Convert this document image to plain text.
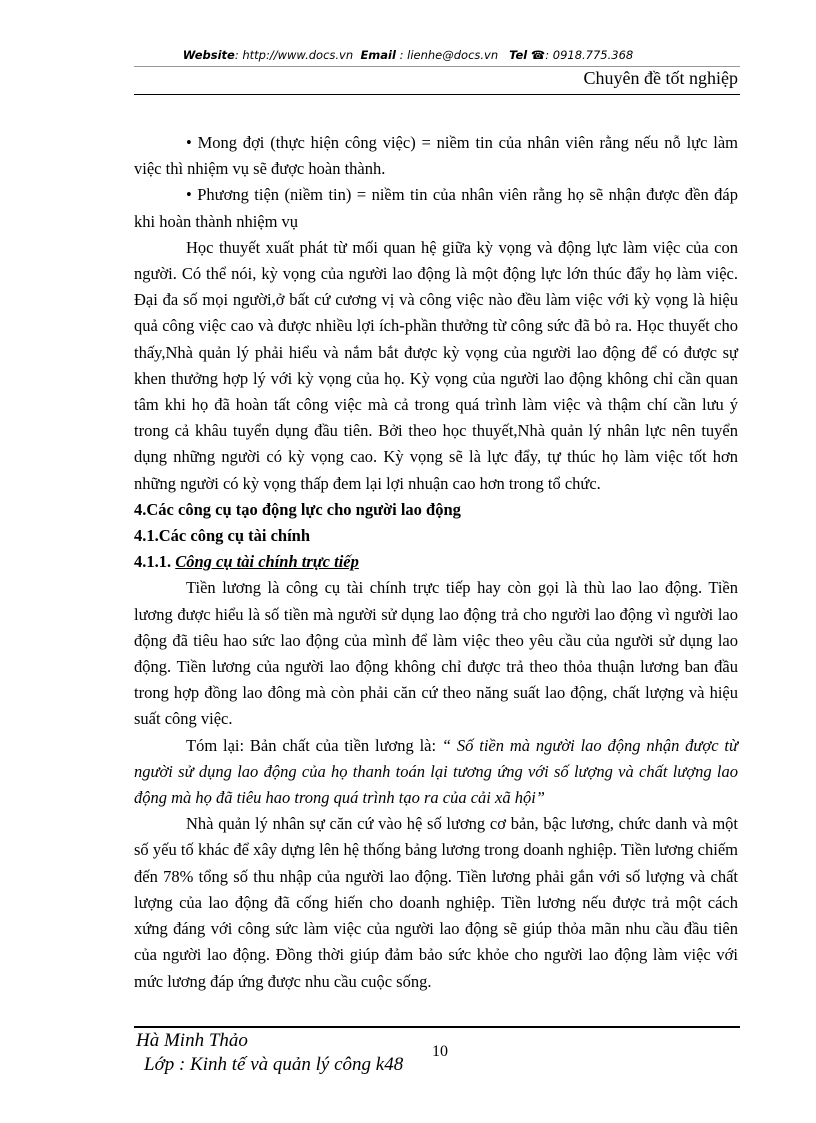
Website: http://www.docs.vn Email : lienhe@docs.vn Tel ☎: 0918.775.368
Chuyên đề tốt nghiệp

• Mong đợi (thực hiện công việc) = niềm tin của nhân viên rằng nếu nỗ lực làm việc thì nhiệm vụ sẽ được hoàn thành.

• Phương tiện (niềm tin) = niềm tin của nhân viên rằng họ sẽ nhận được đền đáp khi hoàn thành nhiệm vụ

Học thuyết xuất phát từ mối quan hệ giữa kỳ vọng và động lực làm việc của con người. Có thể nói, kỳ vọng của người lao động là một động lực lớn thúc đẩy họ làm việc. Đại đa số mọi người,ở bất cứ cương vị và công việc nào đều làm việc với kỳ vọng là hiệu quả công việc cao và được nhiều lợi ích-phần thưởng từ công sức đã bỏ ra. Học thuyết cho thấy,Nhà quản lý phải hiểu và nắm bắt được kỳ vọng của người lao động để có được sự khen thưởng hợp lý với kỳ vọng của họ. Kỳ vọng của người lao động không chỉ cần quan tâm khi họ đã hoàn tất công việc mà cả trong quá trình làm việc và thậm chí cần lưu ý trong cả khâu tuyển dụng đầu tiên. Bởi theo học thuyết,Nhà quản lý nhân lực nên tuyển dụng những người có kỳ vọng cao. Kỳ vọng sẽ là lực đẩy, tự thúc họ làm việc tốt hơn những người có kỳ vọng thấp đem lại lợi nhuận cao hơn trong tổ chức.

4.Các công cụ tạo động lực cho người lao động

4.1.Các công cụ tài chính

4.1.1. Công cụ tài chính trực tiếp

Tiền lương là công cụ tài chính trực tiếp hay còn gọi là thù lao lao động. Tiền lương được hiểu là số tiền mà người sử dụng lao động trả cho người lao động vì người lao động đã tiêu hao sức lao động của mình để làm việc theo yêu cầu của người sử dụng lao động. Tiền lương của người lao động không chỉ được trả theo thỏa thuận lương ban đầu trong hợp đồng lao đông mà còn phải căn cứ theo năng suất lao động, chất lượng và hiệu suất công việc.

Tóm lại: Bản chất của tiền lương là: “ Số tiền mà người lao động nhận được từ người sử dụng lao động của họ thanh toán lại tương ứng với số lượng và chất lượng lao động mà họ đã tiêu hao trong quá trình tạo ra của cải xã hội”

Nhà quản lý nhân sự căn cứ vào hệ số lương cơ bản, bậc lương, chức danh và một số yếu tố khác để xây dựng lên hệ thống bảng lương trong doanh nghiệp. Tiền lương chiếm đến 78% tổng số thu nhập của người lao động. Tiền lương phải gắn với số lượng và chất lượng của lao động đã cống hiến cho doanh nghiệp. Tiền lương nếu được trả một cách xứng đáng với công sức làm việc của người lao động sẽ giúp thỏa mãn nhu cầu đầu tiên của người lao động. Đồng thời giúp đảm bảo sức khỏe cho người lao động làm việc với mức lương đáp ứng được nhu cầu cuộc sống.

Hà Minh Thảo
Lớp : Kinh tế và quản lý công k48
10
